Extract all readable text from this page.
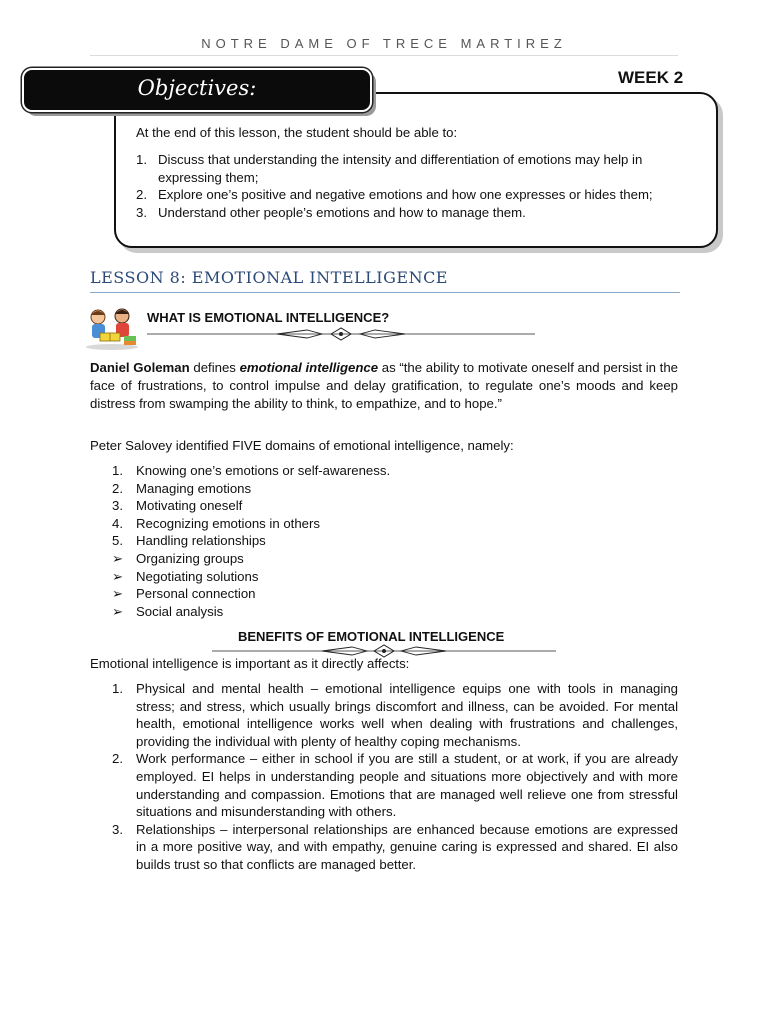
NOTRE DAME OF TRECE MARTIREZ
Objectives:	WEEK 2
At the end of this lesson, the student should be able to:
1. Discuss that understanding the intensity and differentiation of emotions may help in expressing them;
2. Explore one’s positive and negative emotions and how one expresses or hides them;
3. Understand other people’s emotions and how to manage them.
LESSON 8: EMOTIONAL INTELLIGENCE
WHAT IS EMOTIONAL INTELLIGENCE?

Daniel Goleman defines emotional intelligence as “the ability to motivate oneself and persist in the face of frustrations, to control impulse and delay gratification, to regulate one’s moods and keep distress from swamping the ability to think, to empathize, and to hope.”

Peter Salovey identified FIVE domains of emotional intelligence, namely:

1. Knowing one’s emotions or self-awareness.
2. Managing emotions
3. Motivating oneself
4. Recognizing emotions in others
5. Handling relationships
➢ Organizing groups
➢ Negotiating solutions
➢ Personal connection
➢ Social analysis
BENEFITS OF EMOTIONAL INTELLIGENCE

Emotional intelligence is important as it directly affects:

1. Physical and mental health – emotional intelligence equips one with tools in managing stress; and stress, which usually brings discomfort and illness, can be avoided. For mental health, emotional intelligence works well when dealing with frustrations and challenges, providing the individual with plenty of healthy coping mechanisms.
2. Work performance – either in school if you are still a student, or at work, if you are already employed. EI helps in understanding people and situations more objectively and with more understanding and compassion. Emotions that are managed well relieve one from stressful situations and misunderstanding with others.
3. Relationships – interpersonal relationships are enhanced because emotions are expressed in a more positive way, and with empathy, genuine caring is expressed and shared. EI also builds trust so that conflicts are managed better.
